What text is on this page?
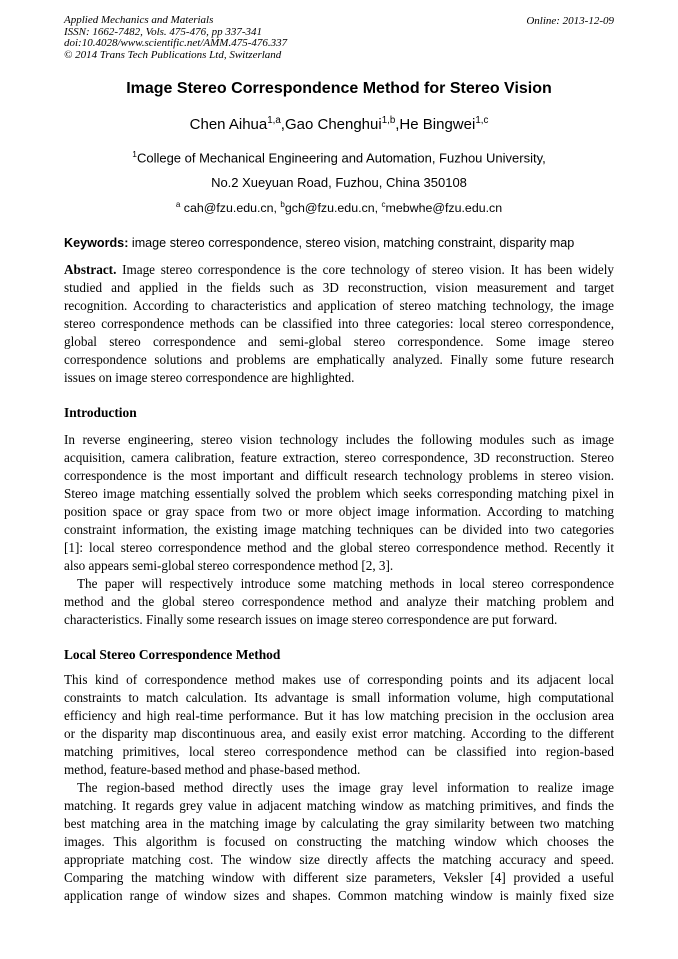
Applied Mechanics and Materials
ISSN: 1662-7482, Vols. 475-476, pp 337-341
doi:10.4028/www.scientific.net/AMM.475-476.337
© 2014 Trans Tech Publications Ltd, Switzerland
Online: 2013-12-09
Image Stereo Correspondence Method for Stereo Vision
Chen Aihua$^{1,a}$,Gao Chenghui$^{1,b}$,He Bingwei$^{1,c}$
$^1$College of Mechanical Engineering and Automation, Fuzhou University,
No.2 Xueyuan Road, Fuzhou, China 350108
$^a$ cah@fzu.edu.cn, $^b$gch@fzu.edu.cn, $^c$mebwhe@fzu.edu.cn
Keywords: image stereo correspondence, stereo vision, matching constraint, disparity map
Abstract. Image stereo correspondence is the core technology of stereo vision. It has been widely
studied and applied in the fields such as 3D reconstruction, vision measurement and target
recognition. According to characteristics and application of stereo matching technology, the image
stereo correspondence methods can be classified into three categories: local stereo correspondence,
global stereo correspondence and semi-global stereo correspondence. Some image stereo
correspondence solutions and problems are emphatically analyzed. Finally some future research
issues on image stereo correspondence are highlighted.
Introduction
In reverse engineering, stereo vision technology includes the following modules such as image
acquisition, camera calibration, feature extraction, stereo correspondence, 3D reconstruction. Stereo
correspondence is the most important and difficult research technology problems in stereo vision.
Stereo image matching essentially solved the problem which seeks corresponding matching pixel in
position space or gray space from two or more object image information. According to matching
constraint information, the existing image matching techniques can be divided into two categories
[1]: local stereo correspondence method and the global stereo correspondence method. Recently it
also appears semi-global stereo correspondence method [2, 3].
The paper will respectively introduce some matching methods in local stereo correspondence
method and the global stereo correspondence method and analyze their matching problem and
characteristics. Finally some research issues on image stereo correspondence are put forward.
Local Stereo Correspondence Method
This kind of correspondence method makes use of corresponding points and its adjacent local
constraints to match calculation. Its advantage is small information volume, high computational
efficiency and high real-time performance. But it has low matching precision in the occlusion area
or the disparity map discontinuous area, and easily exist error matching. According to the different
matching primitives, local stereo correspondence method can be classified into region-based
method, feature-based method and phase-based method.
The region-based method directly uses the image gray level information to realize image
matching. It regards grey value in adjacent matching window as matching primitives, and finds the
best matching area in the matching image by calculating the gray similarity between two matching
images. This algorithm is focused on constructing the matching window which chooses the
appropriate matching cost. The window size directly affects the matching accuracy and speed.
Comparing the matching window with different size parameters, Veksler [4] provided a useful
application range of window sizes and shapes. Common matching window is mainly fixed size
